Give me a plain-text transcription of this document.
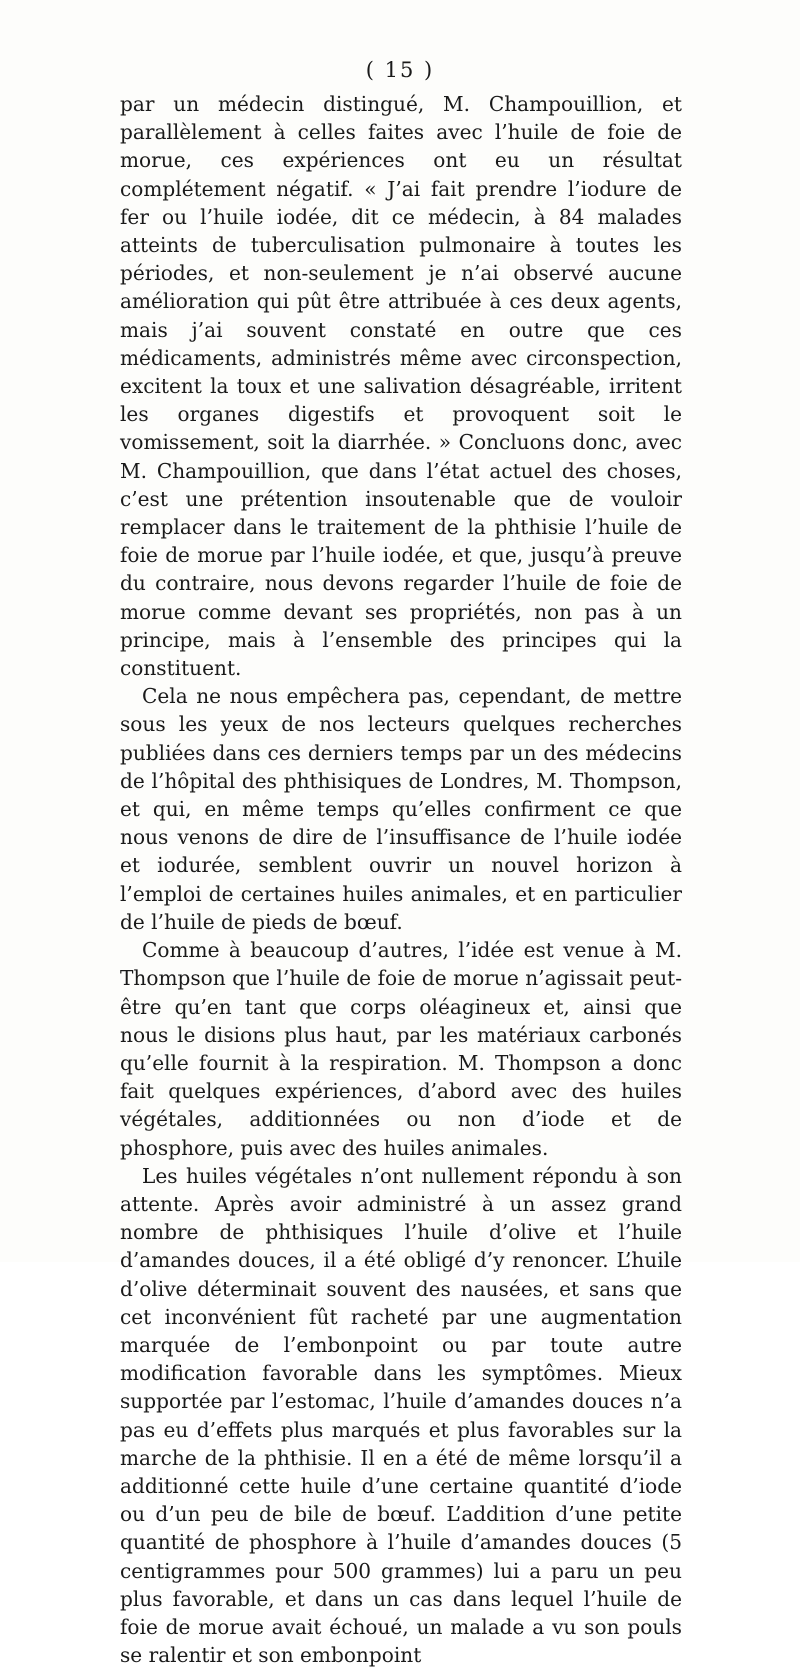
( 15 )

par un médecin distingué, M. Champouillion, et parallèlement à celles faites avec l’huile de foie de morue, ces expériences ont eu un résultat complétement négatif. « J’ai fait prendre l’iodure de fer ou l’huile iodée, dit ce médecin, à 84 malades atteints de tuberculisation pulmonaire à toutes les périodes, et non-seulement je n’ai observé aucune amélioration qui pût être attribuée à ces deux agents, mais j’ai souvent constaté en outre que ces médicaments, administrés même avec circonspection, excitent la toux et une salivation désagréable, irritent les organes digestifs et provoquent soit le vomissement, soit la diarrhée. » Concluons donc, avec M. Champouillion, que dans l’état actuel des choses, c’est une prétention insoutenable que de vouloir remplacer dans le traitement de la phthisie l’huile de foie de morue par l’huile iodée, et que, jusqu’à preuve du contraire, nous devons regarder l’huile de foie de morue comme devant ses propriétés, non pas à un principe, mais à l’ensemble des principes qui la constituent.

Cela ne nous empêchera pas, cependant, de mettre sous les yeux de nos lecteurs quelques recherches publiées dans ces derniers temps par un des médecins de l’hôpital des phthisiques de Londres, M. Thompson, et qui, en même temps qu’elles confirment ce que nous venons de dire de l’insuffisance de l’huile iodée et iodurée, semblent ouvrir un nouvel horizon à l’emploi de certaines huiles animales, et en particulier de l’huile de pieds de bœuf.

Comme à beaucoup d’autres, l’idée est venue à M. Thompson que l’huile de foie de morue n’agissait peut-être qu’en tant que corps oléagineux et, ainsi que nous le disions plus haut, par les matériaux carbonés qu’elle fournit à la respiration. M. Thompson a donc fait quelques expériences, d’abord avec des huiles végétales, additionnées ou non d’iode et de phosphore, puis avec des huiles animales.

Les huiles végétales n’ont nullement répondu à son attente. Après avoir administré à un assez grand nombre de phthisiques l’huile d’olive et l’huile d’amandes douces, il a été obligé d’y renoncer. L’huile d’olive déterminait souvent des nausées, et sans que cet inconvénient fût racheté par une augmentation marquée de l’embonpoint ou par toute autre modification favorable dans les symptômes. Mieux supportée par l’estomac, l’huile d’amandes douces n’a pas eu d’effets plus marqués et plus favorables sur la marche de la phthisie. Il en a été de même lorsqu’il a additionné cette huile d’une certaine quantité d’iode ou d’un peu de bile de bœuf. L’addition d’une petite quantité de phosphore à l’huile d’amandes douces (5 centigrammes pour 500 grammes) lui a paru un peu plus favorable, et dans un cas dans lequel l’huile de foie de morue avait échoué, un malade a vu son pouls se ralentir et son embonpoint
